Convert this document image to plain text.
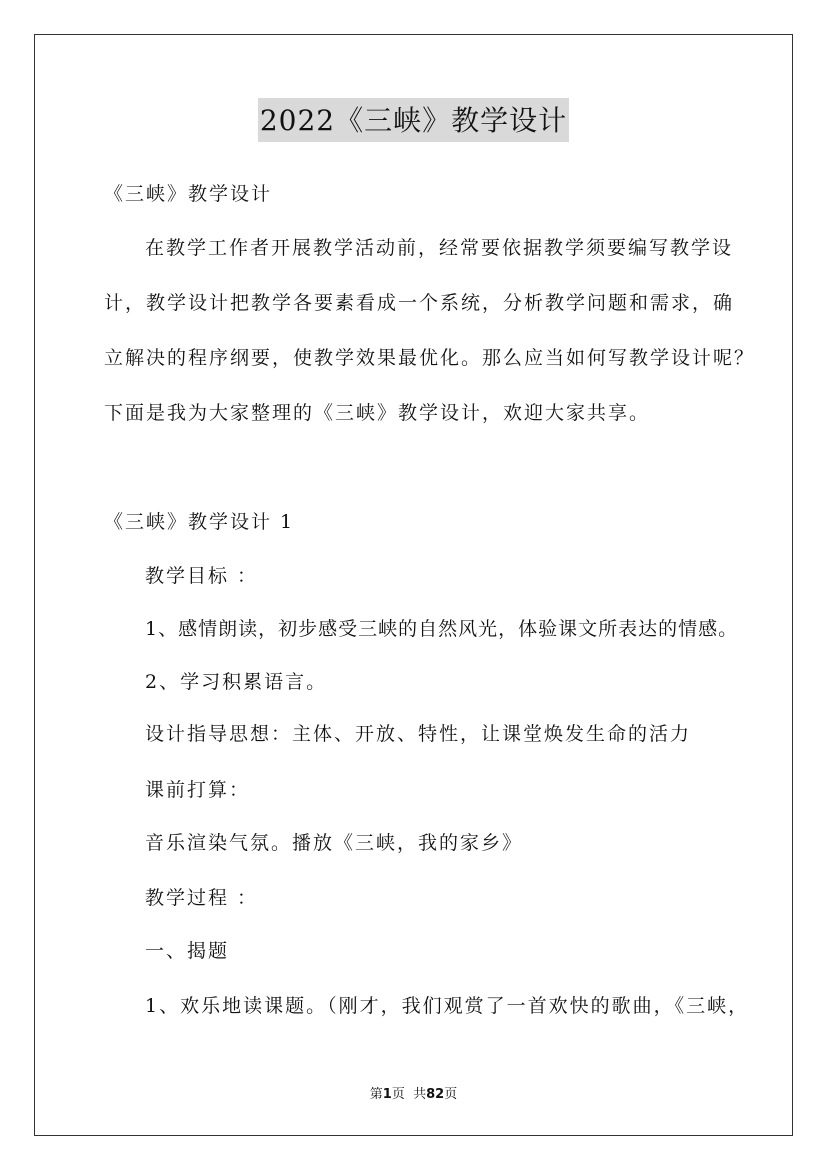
2022《三峡》教学设计
《三峡》教学设计
在教学工作者开展教学活动前，经常要依据教学须要编写教学设
计，教学设计把教学各要素看成一个系统，分析教学问题和需求，确
立解决的程序纲要，使教学效果最优化。那么应当如何写教学设计呢？
下面是我为大家整理的《三峡》教学设计，欢迎大家共享。
《三峡》教学设计 1
教学目标 ：
1、感情朗读，初步感受三峡的自然风光，体验课文所表达的情感。
2、学习积累语言。
设计指导思想：主体、开放、特性，让课堂焕发生命的活力
课前打算：
音乐渲染气氛。播放《三峡，我的家乡》
教学过程 ：
一、揭题
1、欢乐地读课题。（刚才，我们观赏了一首欢快的歌曲，《三峡，
第1页  共82页
